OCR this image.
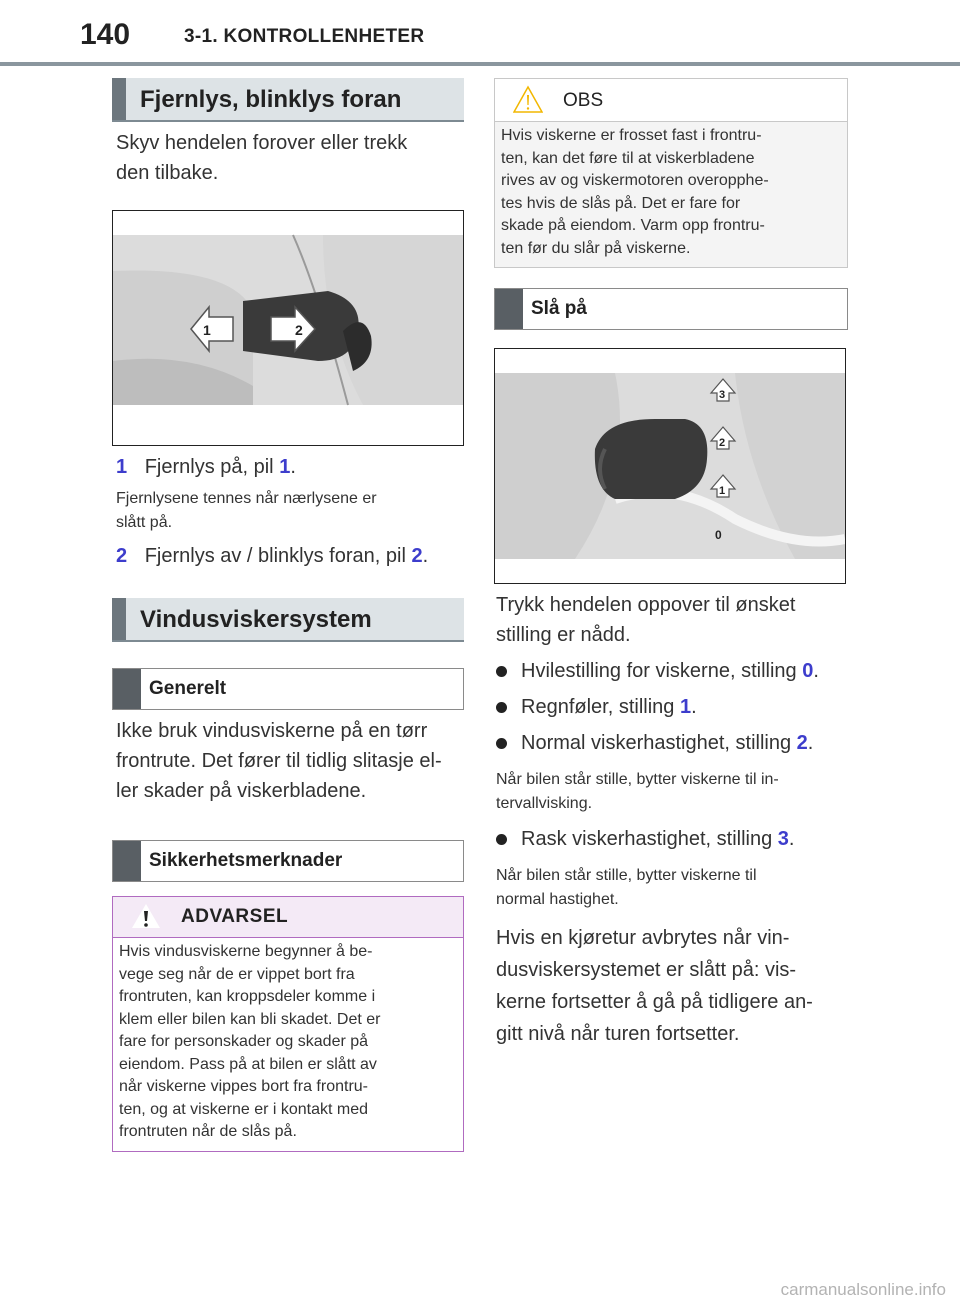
140	3-1. KONTROLLENHETER
Fjernlys, blinklys foran
Skyv hendelen forover eller trekk
den tilbake.
1	2
1 Fjernlys på, pil 1.
Fjernlysene tennes når nærlysene er
slått på.
2 Fjernlys av / blinklys foran, pil 2.
Vindusviskersystem
Generelt
Ikke bruk vindusviskerne på en tørr
frontrute. Det fører til tidlig slitasje el-
ler skader på viskerbladene.
Sikkerhetsmerknader
ADVARSEL
Hvis vindusviskerne begynner å be-
vege seg når de er vippet bort fra
frontruten, kan kroppsdeler komme i
klem eller bilen kan bli skadet. Det er
fare for personskader og skader på
eiendom. Pass på at bilen er slått av
når viskerne vippes bort fra frontru-
ten, og at viskerne er i kontakt med
frontruten når de slås på.
OBS
Hvis viskerne er frosset fast i frontru-
ten, kan det føre til at viskerbladene
rives av og viskermotoren overopphe-
tes hvis de slås på. Det er fare for
skade på eiendom. Varm opp frontru-
ten før du slår på viskerne.
Slå på
3
2
1
0
Trykk hendelen oppover til ønsket
stilling er nådd.
Hvilestilling for viskerne, stilling 0.
Regnføler, stilling 1.
Normal viskerhastighet, stilling 2.
Når bilen står stille, bytter viskerne til in-
tervallvisking.
Rask viskerhastighet, stilling 3.
Når bilen står stille, bytter viskerne til
normal hastighet.
Hvis en kjøretur avbrytes når vin-
dusviskersystemet er slått på: vis-
kerne fortsetter å gå på tidligere an-
gitt nivå når turen fortsetter.
carmanualsonline.info
